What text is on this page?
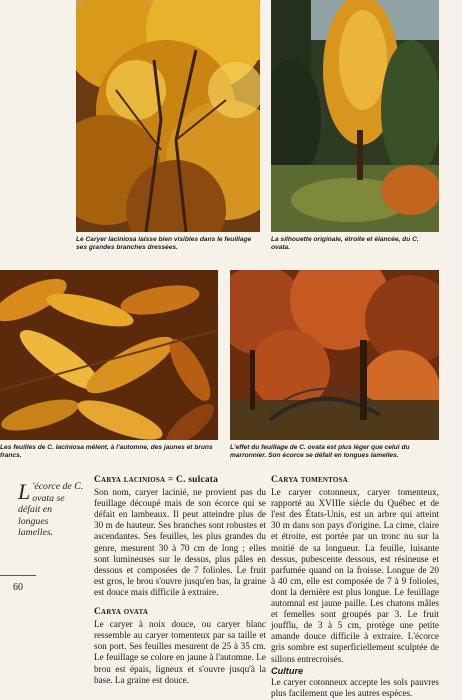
Le Caryer laciniosa laisse bien visibles dans le feuillage ses grandes branches dressées.

La silhouette originale, étroite et élancée, du C. ovata.

Les feuilles de C. laciniosa mêlent, à l'automne, des jaunes et bruns francs.

L'effet du feuillage de C. ovata est plus léger que celui du marronnier. Son écorce se défait en longues lamelles.

L 'écorce de C. ovata se défait en longues lamelles.
60

Carya laciniosa = C. sulcata

Son nom, caryer lacinié, ne provient pas du feuillage découpé mais de son écorce qui se défait en lambeaux. Il peut atteindre plus de 30 m de hauteur. Ses branches sont robustes et ascendantes. Ses feuilles, les plus grandes du genre, mesurent 30 à 70 cm de long ; elles sont lumineuses sur le dessus, plus pâles en dessous et composées de 7 folioles. Le fruit est gros, le brou s'ouvre jusqu'en bas, la graine est douce mais difficile à extraire.

Carya ovata

Le caryer à noix douce, ou caryer blanc ressemble au caryer tomenteux par sa taille et son port. Ses feuilles mesurent de 25 à 35 cm. Le feuillage se colore en jaune à l'automne. Le brou est épais, ligneux et s'ouvre jusqu'à la base. La graine est douce.

Carya tomentosa

Le caryer cotonneux, caryer tomenteux, rapporté au XVIIIe siècle du Québec et de l'est des États-Unis, est un arbre qui atteint 30 m dans son pays d'origine. La cime, claire et étroite, est portée par un tronc nu sur la moitié de sa longueur. La feuille, luisante dessus, pubescente dessous, est résineuse et parfumée quand on la froisse. Longue de 20 à 40 cm, elle est composée de 7 à 9 folioles, dont la dernière est plus longue. Le feuillage automnal est jaune paille. Les chatons mâles et femelles sont groupés par 3. Le fruit joufflu, de 3 à 5 cm, protège une petite amande douce difficile à extraire. L'écorce gris sombre est superficiellement sculptée de sillons entrecroisés.

Culture

Le caryer cotonneux accepte les sols pauvres plus facilement que les autres espèces.
